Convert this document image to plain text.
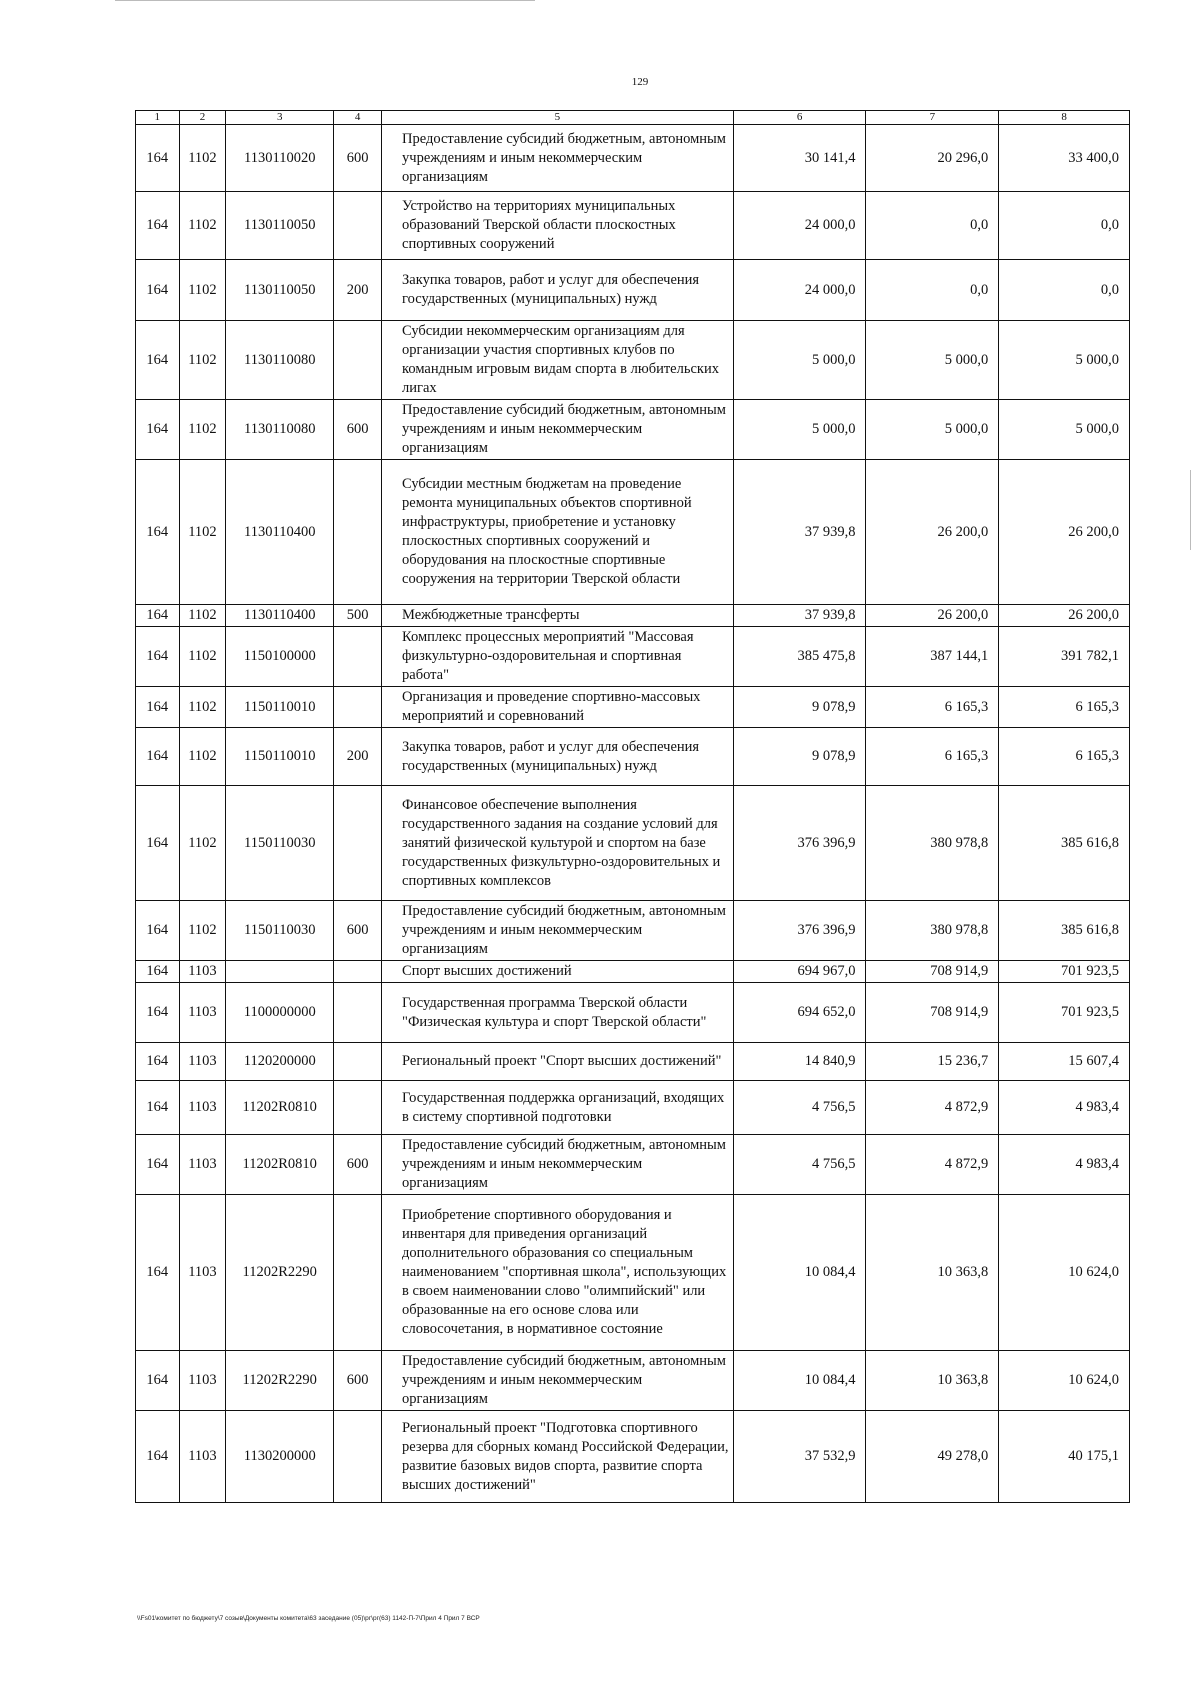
129
1	2	3	4	5	6	7	8
164	1102	1130110020	600	Предоставление субсидий бюджетным, автономным учреждениям и иным некоммерческим организациям	30 141,4	20 296,0	33 400,0
164	1102	1130110050		Устройство на территориях муниципальных образований Тверской области плоскостных спортивных сооружений	24 000,0	0,0	0,0
164	1102	1130110050	200	Закупка товаров, работ и услуг для обеспечения государственных (муниципальных) нужд	24 000,0	0,0	0,0
164	1102	1130110080		Субсидии некоммерческим организациям для организации участия спортивных клубов по командным игровым видам спорта в любительских лигах	5 000,0	5 000,0	5 000,0
164	1102	1130110080	600	Предоставление субсидий бюджетным, автономным учреждениям и иным некоммерческим организациям	5 000,0	5 000,0	5 000,0
164	1102	1130110400		Субсидии местным бюджетам на проведение ремонта муниципальных объектов спортивной инфраструктуры, приобретение и установку плоскостных спортивных сооружений и оборудования на плоскостные спортивные сооружения на территории Тверской области	37 939,8	26 200,0	26 200,0
164	1102	1130110400	500	Межбюджетные трансферты	37 939,8	26 200,0	26 200,0
164	1102	1150100000		Комплекс процессных мероприятий "Массовая физкультурно-оздоровительная и спортивная работа"	385 475,8	387 144,1	391 782,1
164	1102	1150110010		Организация и проведение спортивно-массовых мероприятий и соревнований	9 078,9	6 165,3	6 165,3
164	1102	1150110010	200	Закупка товаров, работ и услуг для обеспечения государственных (муниципальных) нужд	9 078,9	6 165,3	6 165,3
164	1102	1150110030		Финансовое обеспечение выполнения государственного задания на создание условий для занятий физической культурой и спортом на базе государственных физкультурно-оздоровительных и спортивных комплексов	376 396,9	380 978,8	385 616,8
164	1102	1150110030	600	Предоставление субсидий бюджетным, автономным учреждениям и иным некоммерческим организациям	376 396,9	380 978,8	385 616,8
164	1103			Спорт высших достижений	694 967,0	708 914,9	701 923,5
164	1103	1100000000		Государственная программа Тверской области "Физическая культура и спорт Тверской области"	694 652,0	708 914,9	701 923,5
164	1103	1120200000		Региональный проект "Спорт высших достижений"	14 840,9	15 236,7	15 607,4
164	1103	11202R0810		Государственная поддержка организаций, входящих в систему спортивной подготовки	4 756,5	4 872,9	4 983,4
164	1103	11202R0810	600	Предоставление субсидий бюджетным, автономным учреждениям и иным некоммерческим организациям	4 756,5	4 872,9	4 983,4
164	1103	11202R2290		Приобретение спортивного оборудования и инвентаря для приведения организаций дополнительного образования со специальным наименованием "спортивная школа", использующих в своем наименовании слово "олимпийский" или образованные на его основе слова или словосочетания, в нормативное состояние	10 084,4	10 363,8	10 624,0
164	1103	11202R2290	600	Предоставление субсидий бюджетным, автономным учреждениям и иным некоммерческим организациям	10 084,4	10 363,8	10 624,0
164	1103	1130200000		Региональный проект "Подготовка спортивного резерва для сборных команд Российской Федерации, развитие базовых видов спорта, развитие спорта высших достижений"	37 532,9	49 278,0	40 175,1
\\Fs01\комитет по бюджету\7 созыв\Документы комитета\63 заседание (05)\рг\рг(63) 1142-П-7\Прил 4 Прил 7 ВСР
